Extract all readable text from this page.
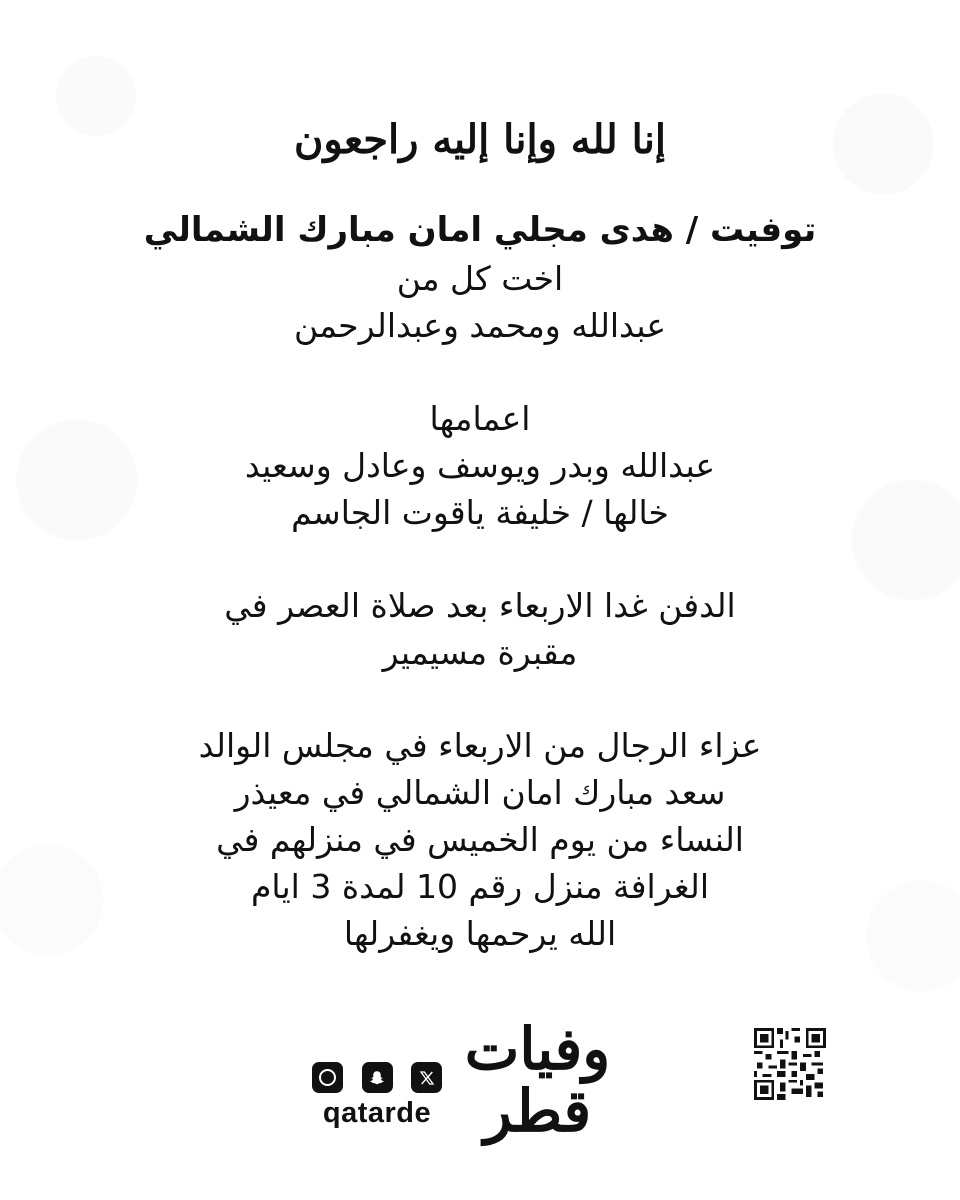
إنا لله وإنا إليه راجعون
توفيت / هدى مجلي امان مبارك الشمالي
اخت كل من
عبدالله ومحمد وعبدالرحمن
اعمامها
عبدالله وبدر ويوسف وعادل وسعيد
خالها / خليفة ياقوت الجاسم
الدفن غدا الاربعاء بعد صلاة العصر في
مقبرة مسيمير
عزاء الرجال من الاربعاء في مجلس الوالد
سعد مبارك امان الشمالي في معيذر
النساء من يوم الخميس في منزلهم في
الغرافة منزل رقم 10 لمدة 3 ايام
الله يرحمها ويغفرلها
وفيات قطر
qatarde
